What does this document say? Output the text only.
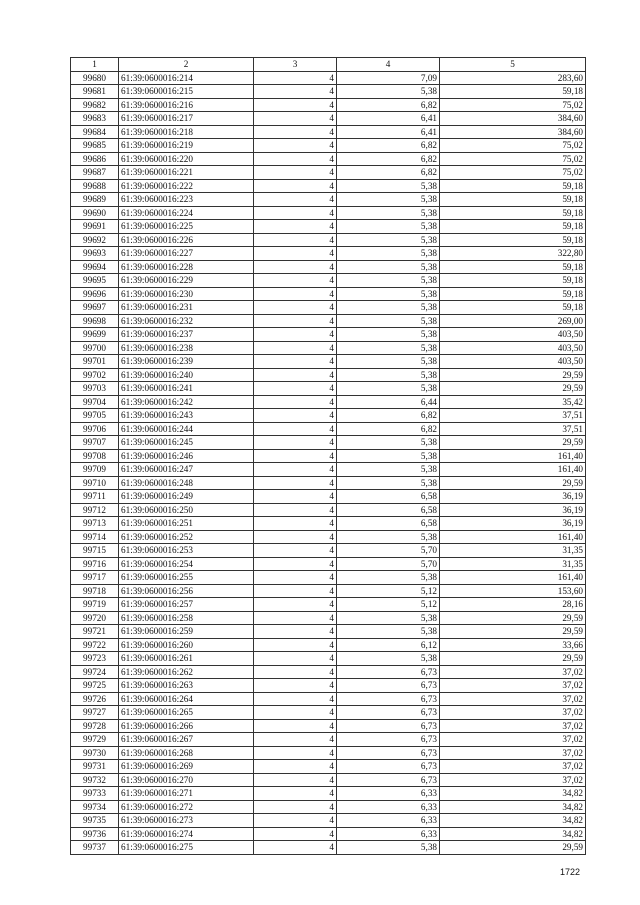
1	2	3	4	5
99680	61:39:0600016:214	4	7,09	283,60
99681	61:39:0600016:215	4	5,38	59,18
99682	61:39:0600016:216	4	6,82	75,02
99683	61:39:0600016:217	4	6,41	384,60
99684	61:39:0600016:218	4	6,41	384,60
99685	61:39:0600016:219	4	6,82	75,02
99686	61:39:0600016:220	4	6,82	75,02
99687	61:39:0600016:221	4	6,82	75,02
99688	61:39:0600016:222	4	5,38	59,18
99689	61:39:0600016:223	4	5,38	59,18
99690	61:39:0600016:224	4	5,38	59,18
99691	61:39:0600016:225	4	5,38	59,18
99692	61:39:0600016:226	4	5,38	59,18
99693	61:39:0600016:227	4	5,38	322,80
99694	61:39:0600016:228	4	5,38	59,18
99695	61:39:0600016:229	4	5,38	59,18
99696	61:39:0600016:230	4	5,38	59,18
99697	61:39:0600016:231	4	5,38	59,18
99698	61:39:0600016:232	4	5,38	269,00
99699	61:39:0600016:237	4	5,38	403,50
99700	61:39:0600016:238	4	5,38	403,50
99701	61:39:0600016:239	4	5,38	403,50
99702	61:39:0600016:240	4	5,38	29,59
99703	61:39:0600016:241	4	5,38	29,59
99704	61:39:0600016:242	4	6,44	35,42
99705	61:39:0600016:243	4	6,82	37,51
99706	61:39:0600016:244	4	6,82	37,51
99707	61:39:0600016:245	4	5,38	29,59
99708	61:39:0600016:246	4	5,38	161,40
99709	61:39:0600016:247	4	5,38	161,40
99710	61:39:0600016:248	4	5,38	29,59
99711	61:39:0600016:249	4	6,58	36,19
99712	61:39:0600016:250	4	6,58	36,19
99713	61:39:0600016:251	4	6,58	36,19
99714	61:39:0600016:252	4	5,38	161,40
99715	61:39:0600016:253	4	5,70	31,35
99716	61:39:0600016:254	4	5,70	31,35
99717	61:39:0600016:255	4	5,38	161,40
99718	61:39:0600016:256	4	5,12	153,60
99719	61:39:0600016:257	4	5,12	28,16
99720	61:39:0600016:258	4	5,38	29,59
99721	61:39:0600016:259	4	5,38	29,59
99722	61:39:0600016:260	4	6,12	33,66
99723	61:39:0600016:261	4	5,38	29,59
99724	61:39:0600016:262	4	6,73	37,02
99725	61:39:0600016:263	4	6,73	37,02
99726	61:39:0600016:264	4	6,73	37,02
99727	61:39:0600016:265	4	6,73	37,02
99728	61:39:0600016:266	4	6,73	37,02
99729	61:39:0600016:267	4	6,73	37,02
99730	61:39:0600016:268	4	6,73	37,02
99731	61:39:0600016:269	4	6,73	37,02
99732	61:39:0600016:270	4	6,73	37,02
99733	61:39:0600016:271	4	6,33	34,82
99734	61:39:0600016:272	4	6,33	34,82
99735	61:39:0600016:273	4	6,33	34,82
99736	61:39:0600016:274	4	6,33	34,82
99737	61:39:0600016:275	4	5,38	29,59
1722
